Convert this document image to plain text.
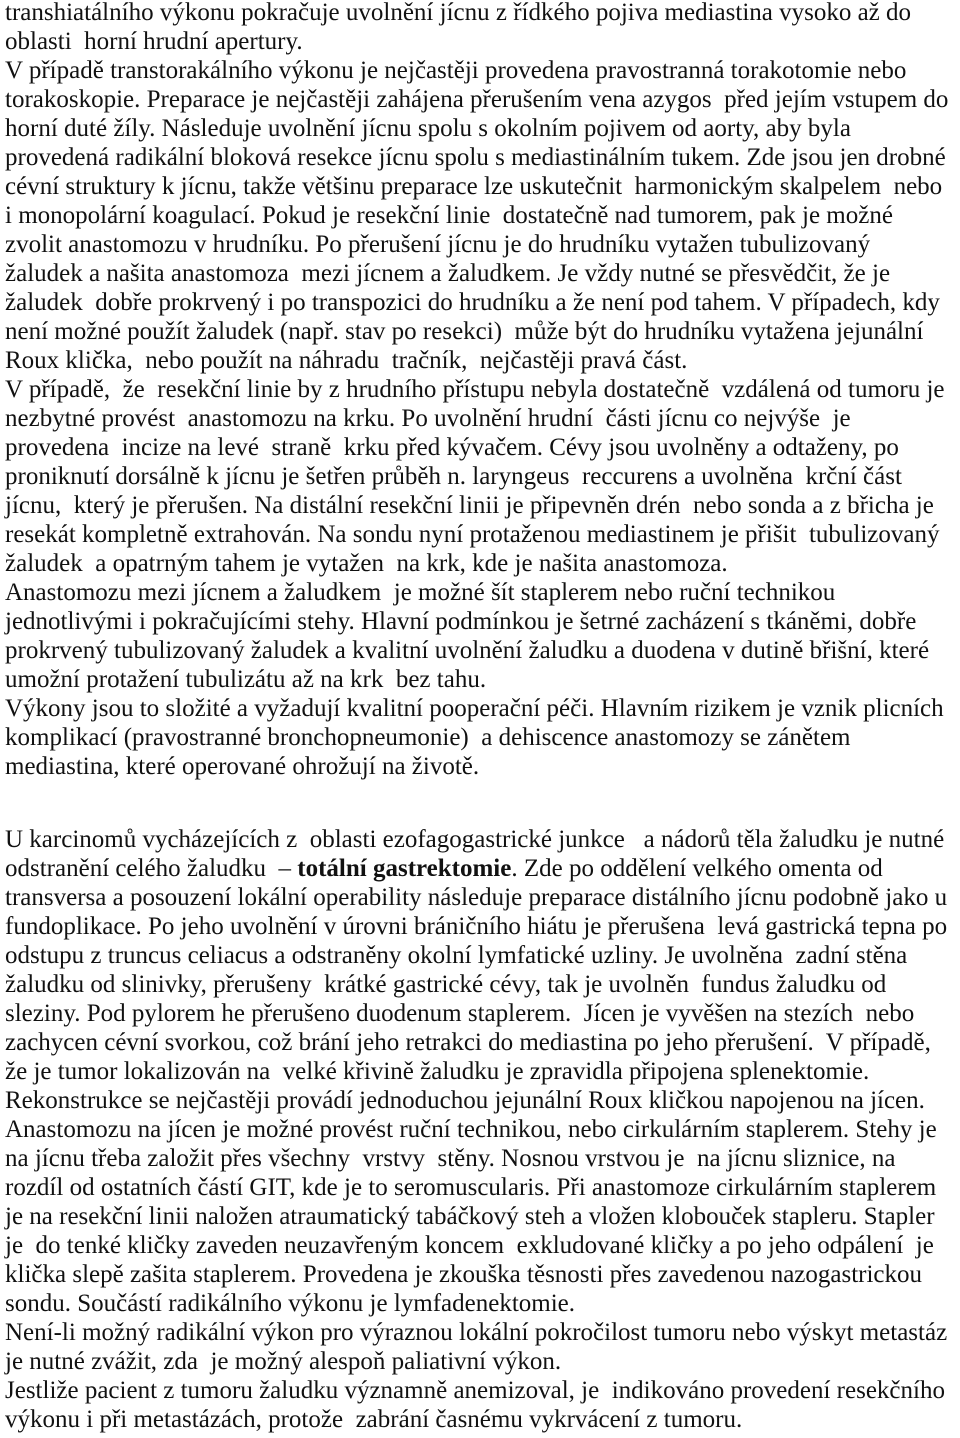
transhiatálního výkonu pokračuje uvolnění jícnu z řídkého pojiva mediastina vysoko až do
oblasti  horní hrudní apertury.
V případě transtorakálního výkonu je nejčastěji provedena pravostranná torakotomie nebo
torakoskopie. Preparace je nejčastěji zahájena přerušením vena azygos  před jejím vstupem do
horní duté žíly. Následuje uvolnění jícnu spolu s okolním pojivem od aorty, aby byla
provedená radikální bloková resekce jícnu spolu s mediastinálním tukem. Zde jsou jen drobné
cévní struktury k jícnu, takže většinu preparace lze uskutečnit  harmonickým skalpelem  nebo
i monopolární koagulací. Pokud je resekční linie  dostatečně nad tumorem, pak je možné
zvolit anastomozu v hrudníku. Po přerušení jícnu je do hrudníku vytažen tubulizovaný
žaludek a našita anastomoza  mezi jícnem a žaludkem. Je vždy nutné se přesvědčit, že je
žaludek  dobře prokrvený i po transpozici do hrudníku a že není pod tahem. V případech, kdy
není možné použít žaludek (např. stav po resekci)  může být do hrudníku vytažena jejunální
Roux klička,  nebo použít na náhradu  tračník,  nejčastěji pravá část.
V případě,  že  resekční linie by z hrudního přístupu nebyla dostatečně  vzdálená od tumoru je
nezbytné provést  anastomozu na krku. Po uvolnění hrudní  části jícnu co nejvýše  je
provedena  incize na levé  straně  krku před kývačem. Cévy jsou uvolněny a odtaženy, po
proniknutí dorsálně k jícnu je šetřen průběh n. laryngeus  reccurens a uvolněna  krční část
jícnu,  který je přerušen. Na distální resekční linii je připevněn drén  nebo sonda a z břicha je
resekát kompletně extrahován. Na sondu nyní protaženou mediastinem je přišit  tubulizovaný
žaludek  a opatrným tahem je vytažen  na krk, kde je našita anastomoza.
Anastomozu mezi jícnem a žaludkem  je možné šít staplerem nebo ruční technikou
jednotlivými i pokračujícími stehy. Hlavní podmínkou je šetrné zacházení s tkáněmi, dobře
prokrvený tubulizovaný žaludek a kvalitní uvolnění žaludku a duodena v dutině břišní, které
umožní protažení tubulizátu až na krk  bez tahu.
Výkony jsou to složité a vyžadují kvalitní pooperační péči. Hlavním rizikem je vznik plicních
komplikací (pravostranné bronchopneumonie)  a dehiscence anastomozy se zánětem
mediastina, které operované ohrožují na životě.
U karcinomů vycházejících z  oblasti ezofagogastrické junkce   a nádorů těla žaludku je nutné
odstranění celého žaludku  – totální gastrektomie. Zde po oddělení velkého omenta od
transversa a posouzení lokální operability následuje preparace distálního jícnu podobně jako u
fundoplikace. Po jeho uvolnění v úrovni bráničního hiátu je přerušena  levá gastrická tepna po
odstupu z truncus celiacus a odstraněny okolní lymfatické uzliny. Je uvolněna  zadní stěna
žaludku od slinivky, přerušeny  krátké gastrické cévy, tak je uvolněn  fundus žaludku od
sleziny. Pod pylorem he přerušeno duodenum staplerem.  Jícen je vyvěšen na stezích  nebo
zachycen cévní svorkou, což brání jeho retrakci do mediastina po jeho přerušení.  V případě,
že je tumor lokalizován na  velké křivině žaludku je zpravidla připojena splenektomie.
Rekonstrukce se nejčastěji provádí jednoduchou jejunální Roux kličkou napojenou na jícen.
Anastomozu na jícen je možné provést ruční technikou, nebo cirkulárním staplerem. Stehy je
na jícnu třeba založit přes všechny  vrstvy  stěny. Nosnou vrstvou je  na jícnu sliznice, na
rozdíl od ostatních částí GIT, kde je to seromuscularis. Při anastomoze cirkulárním staplerem
je na resekční linii naložen atraumatický tabáčkový steh a vložen klobouček stapleru. Stapler
je  do tenké kličky zaveden neuzavřeným koncem  exkludované kličky a po jeho odpálení  je
klička slepě zašita staplerem. Provedena je zkouška těsnosti přes zavedenou nazogastrickou
sondu. Součástí radikálního výkonu je lymfadenektomie.
Není-li možný radikální výkon pro výraznou lokální pokročilost tumoru nebo výskyt metastáz
je nutné zvážit, zda  je možný alespoň paliativní výkon.
Jestliže pacient z tumoru žaludku významně anemizoval, je  indikováno provedení resekčního
výkonu i při metastázách, protože  zabrání časnému vykrvácení z tumoru.
